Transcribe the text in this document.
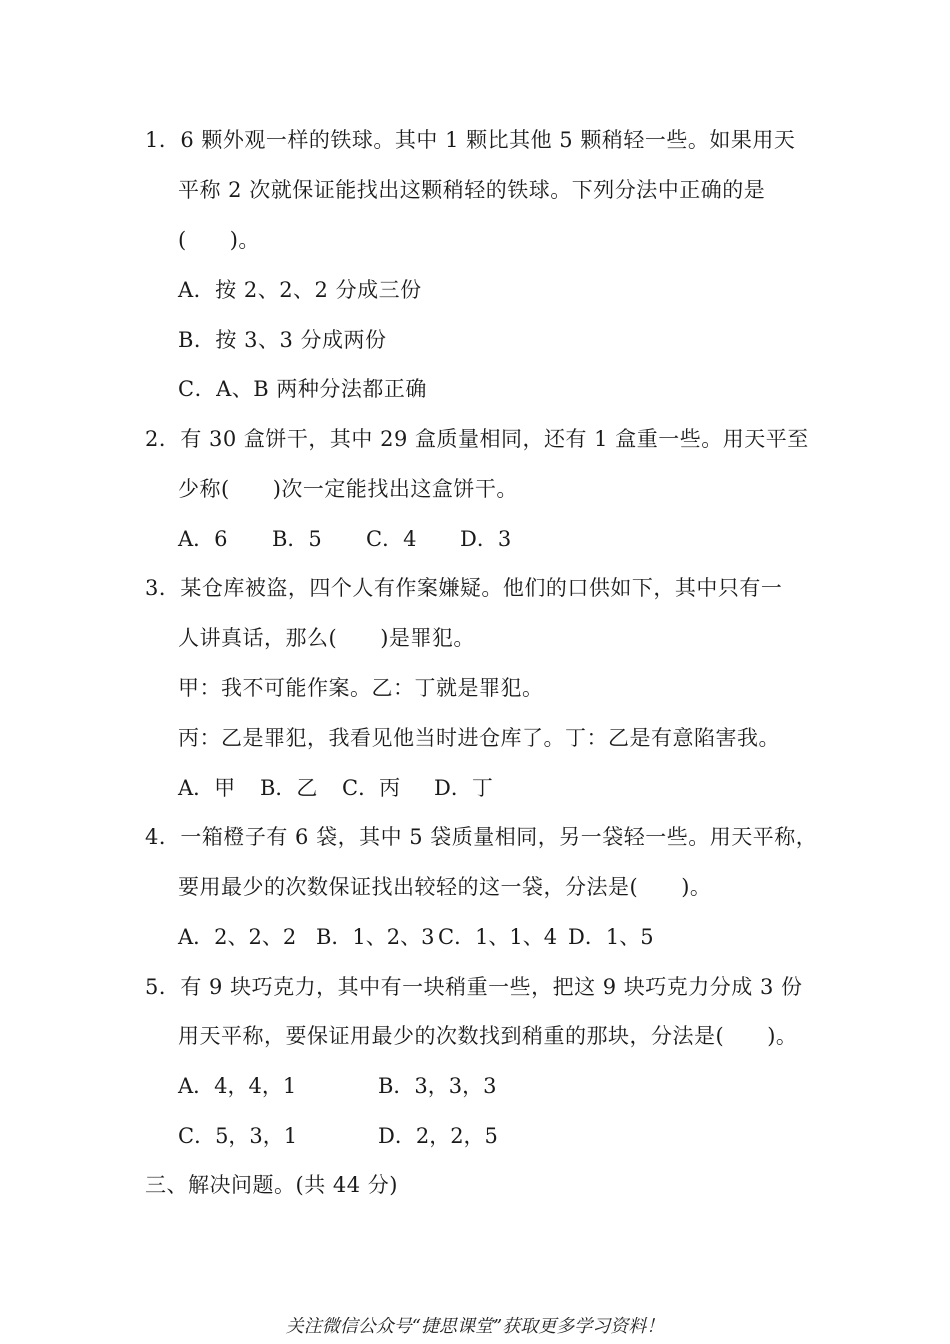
1．6 颗外观一样的铁球。其中 1 颗比其他 5 颗稍轻一些。如果用天
平称 2 次就保证能找出这颗稍轻的铁球。下列分法中正确的是
(　　)。
A．按 2、2、2 分成三份
B．按 3、3 分成两份
C．A、B 两种分法都正确
2．有 30 盒饼干，其中 29 盒质量相同，还有 1 盒重一些。用天平至
少称(　　)次一定能找出这盒饼干。
A．6 B．5 C．4 D．3
3．某仓库被盗，四个人有作案嫌疑。他们的口供如下，其中只有一
人讲真话，那么(　　)是罪犯。
甲：我不可能作案。乙：丁就是罪犯。
丙：乙是罪犯，我看见他当时进仓库了。丁：乙是有意陷害我。
A．甲 B．乙 C．丙 D．丁
4．一箱橙子有 6 袋，其中 5 袋质量相同，另一袋轻一些。用天平称，
要用最少的次数保证找出较轻的这一袋，分法是(　　)。
A．2、2、2 B．1、2、3 C．1、1、4 D．1、5
5．有 9 块巧克力，其中有一块稍重一些，把这 9 块巧克力分成 3 份
用天平称，要保证用最少的次数找到稍重的那块，分法是(　　)。
A．4，4，1	B．3，3，3
C．5，3，1	D．2，2，5
三、解决问题。(共 44 分)
关注微信公众号“捷思课堂”获取更多学习资料！
